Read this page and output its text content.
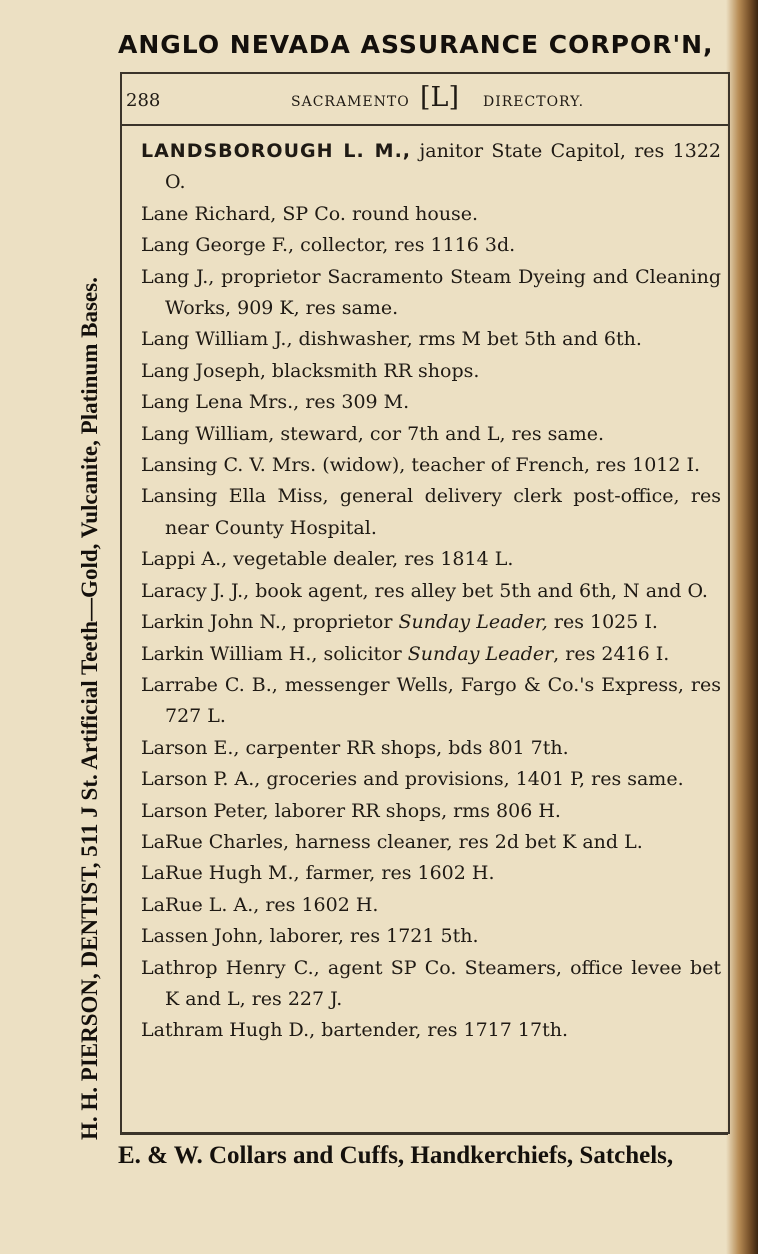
ANGLO NEVADA ASSURANCE CORPOR'N,
H. H. PIERSON, DENTIST, 511 J St. Artificial Teeth—Gold, Vulcanite, Platinum Bases.
288	SACRAMENTO [L] DIRECTORY.

LANDSBOROUGH L. M., janitor State Capitol, res 1322 O.

Lane Richard, SP Co. round house.

Lang George F., collector, res 1116 3d.

Lang J., proprietor Sacramento Steam Dyeing and Cleaning Works, 909 K, res same.

Lang William J., dishwasher, rms M bet 5th and 6th.

Lang Joseph, blacksmith RR shops.

Lang Lena Mrs., res 309 M.

Lang William, steward, cor 7th and L, res same.

Lansing C. V. Mrs. (widow), teacher of French, res 1012 I.

Lansing Ella Miss, general delivery clerk post-office, res near County Hospital.

Lappi A., vegetable dealer, res 1814 L.

Laracy J. J., book agent, res alley bet 5th and 6th, N and O.

Larkin John N., proprietor Sunday Leader, res 1025 I.

Larkin William H., solicitor Sunday Leader, res 2416 I.

Larrabe C. B., messenger Wells, Fargo & Co.'s Express, res 727 L.

Larson E., carpenter RR shops, bds 801 7th.

Larson P. A., groceries and provisions, 1401 P, res same.

Larson Peter, laborer RR shops, rms 806 H.

LaRue Charles, harness cleaner, res 2d bet K and L.

LaRue Hugh M., farmer, res 1602 H.

LaRue L. A., res 1602 H.

Lassen John, laborer, res 1721 5th.

Lathrop Henry C., agent SP Co. Steamers, office levee bet K and L, res 227 J.

Lathram Hugh D., bartender, res 1717 17th.

E. & W. Collars and Cuffs, Handkerchiefs, Satchels,
